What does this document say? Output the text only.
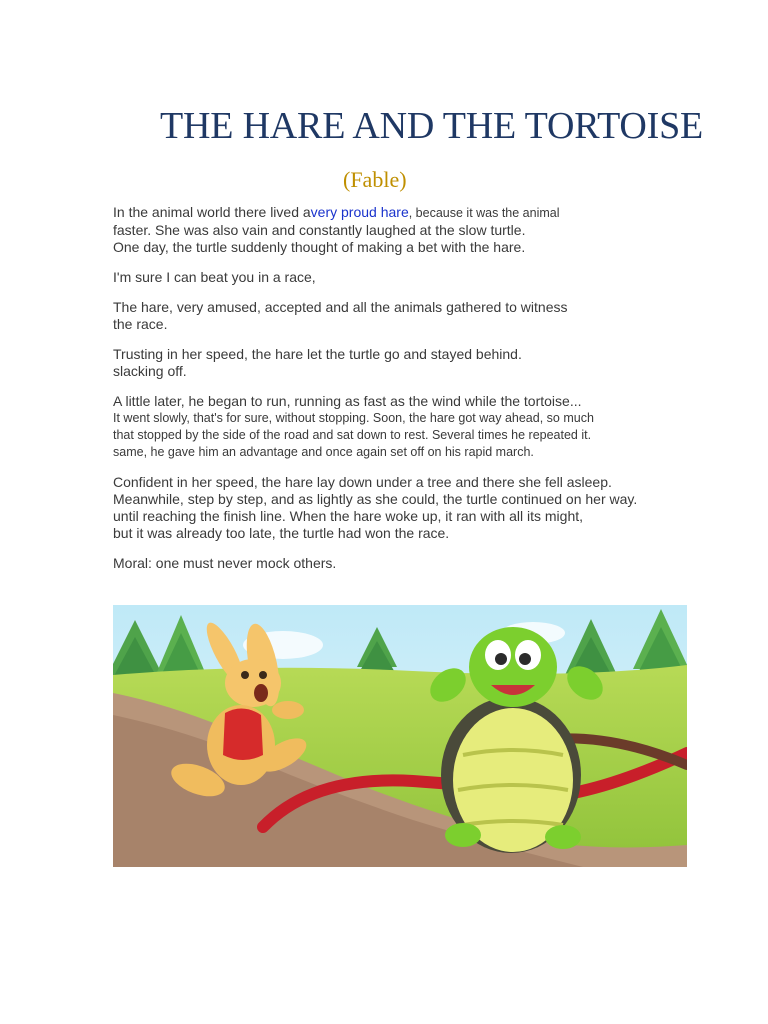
THE HARE AND THE TORTOISE
(Fable)

In the animal world there lived avery proud hare, because it was the animal
faster. She was also vain and constantly laughed at the slow turtle.
One day, the turtle suddenly thought of making a bet with the hare.

I'm sure I can beat you in a race,

The hare, very amused, accepted and all the animals gathered to witness
the race.

Trusting in her speed, the hare let the turtle go and stayed behind.
slacking off.

A little later, he began to run, running as fast as the wind while the tortoise...
It went slowly, that's for sure, without stopping. Soon, the hare got way ahead, so much
that stopped by the side of the road and sat down to rest. Several times he repeated it.
same, he gave him an advantage and once again set off on his rapid march.

Confident in her speed, the hare lay down under a tree and there she fell asleep.
Meanwhile, step by step, and as lightly as she could, the turtle continued on her way.
until reaching the finish line. When the hare woke up, it ran with all its might,
but it was already too late, the turtle had won the race.

Moral: one must never mock others.
